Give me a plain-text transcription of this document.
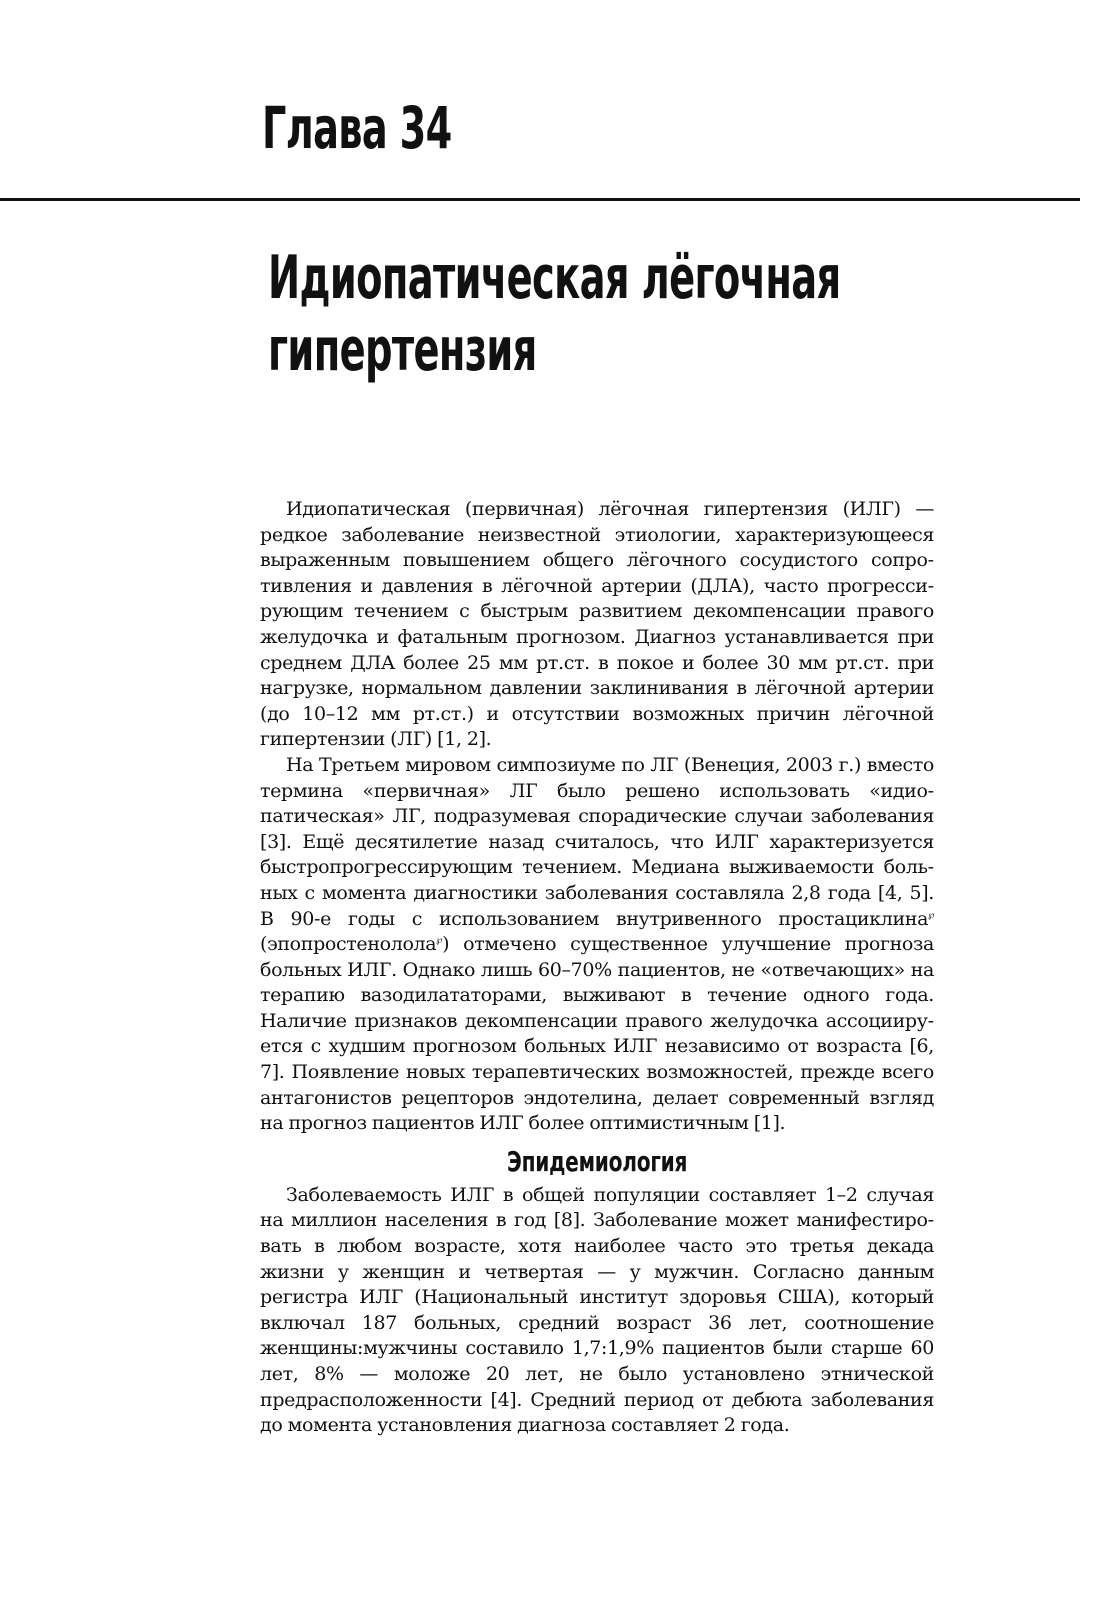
Глава 34
Идиопатическая лёгочная
гипертензия

Идиопатическая (первичная) лёгочная гипертензия (ИЛГ) — редкое заболевание неизвестной этиологии, характеризующееся выраженным повышением общего лёгочного сосудистого сопротивления и давления в лёгочной артерии (ДЛА), часто прогрессирующим течением с быстрым развитием декомпенсации правого желудочка и фатальным прогнозом. Диагноз устанавливается при среднем ДЛА более 25 мм рт.ст. в покое и более 30 мм рт.ст. при нагрузке, нормальном давлении заклинивания в лёгочной артерии (до 10–12 мм рт.ст.) и отсутствии возможных причин лёгочной гипертензии (ЛГ) [1, 2].

На Третьем мировом симпозиуме по ЛГ (Венеция, 2003 г.) вместо термина «первичная» ЛГ было решено использовать «идиопатическая» ЛГ, подразумевая спорадические случаи заболевания [3]. Ещё десятилетие назад считалось, что ИЛГ характеризуется быстропрогрессирующим течением. Медиана выживаемости больных с момента диагностики заболевания составляла 2,8 года [4, 5]. В 90-е годы с использованием внутривенного простациклина℘ (эпопростенолола℘) отмечено существенное улучшение прогноза больных ИЛГ. Однако лишь 60–70% пациентов, не «отвечающих» на терапию вазодилататорами, выживают в течение одного года. Наличие признаков декомпенсации правого желудочка ассоциируется с худшим прогнозом больных ИЛГ независимо от возраста [6, 7]. Появление новых терапевтических возможностей, прежде всего антагонистов рецепторов эндотелина, делает современный взгляд на прогноз пациентов ИЛГ более оптимистичным [1].

Эпидемиология

Заболеваемость ИЛГ в общей популяции составляет 1–2 случая на миллион населения в год [8]. Заболевание может манифестировать в любом возрасте, хотя наиболее часто это третья декада жизни у женщин и четвертая — у мужчин. Согласно данным регистра ИЛГ (Национальный институт здоровья США), который включал 187 больных, средний возраст 36 лет, соотношение женщины:мужчины составило 1,7:1,9% пациентов были старше 60 лет, 8% — моложе 20 лет, не было установлено этнической предрасположенности [4]. Средний период от дебюта заболевания до момента установления диагноза составляет 2 года.
